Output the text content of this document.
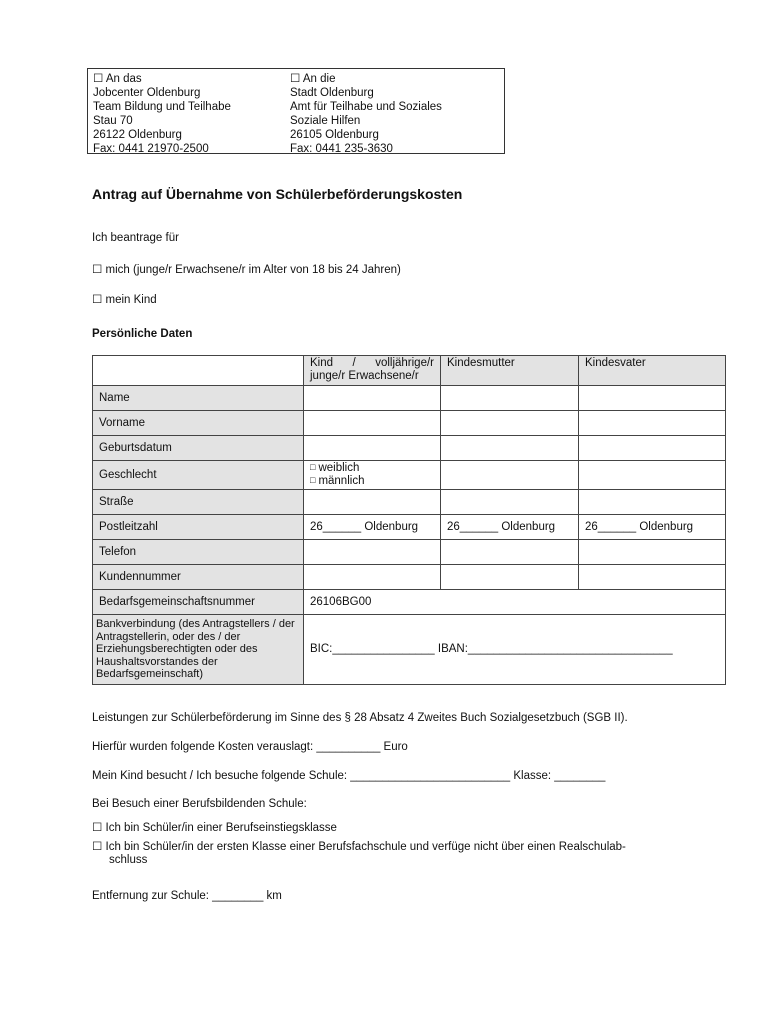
☐ An das
Jobcenter Oldenburg
Team Bildung und Teilhabe
Stau 70
26122 Oldenburg
Fax: 0441 21970-2500
☐ An die
Stadt Oldenburg
Amt für Teilhabe und Soziales
Soziale Hilfen
26105 Oldenburg
Fax: 0441 235-3630
Antrag auf Übernahme von Schülerbeförderungskosten
Ich beantrage für
☐ mich (junge/r Erwachsene/r im Alter von 18 bis 24 Jahren)
☐ mein Kind
Persönliche Daten
	Kind / volljährige/r junge/r Erwachsene/r	Kindesmutter	Kindesvater
Name			
Vorname			
Geburtsdatum			
Geschlecht	□ weiblich
□ männlich		

Straße			
Postleitzahl	26______ Oldenburg	26______ Oldenburg	26______ Oldenburg
Telefon			
Kundennummer			
Bedarfsgemeinschaftsnummer	26106BG00		
Bankverbindung (des Antragstellers / der Antragstellerin, oder des / der Erziehungsberechtigten oder des Haushaltsvorstandes der Bedarfsgemeinschaft)	BIC:________________ IBAN:________________________________		
Leistungen zur Schülerbeförderung im Sinne des § 28 Absatz 4 Zweites Buch Sozialgesetzbuch (SGB II).
Hierfür wurden folgende Kosten verauslagt: __________ Euro
Mein Kind besucht / Ich besuche folgende Schule: _________________________ Klasse: ________
Bei Besuch einer Berufsbildenden Schule:
☐ Ich bin Schüler/in einer Berufseinstiegsklasse
☐ Ich bin Schüler/in der ersten Klasse einer Berufsfachschule und verfüge nicht über einen Realschulab-
schluss
Entfernung zur Schule: ________ km
